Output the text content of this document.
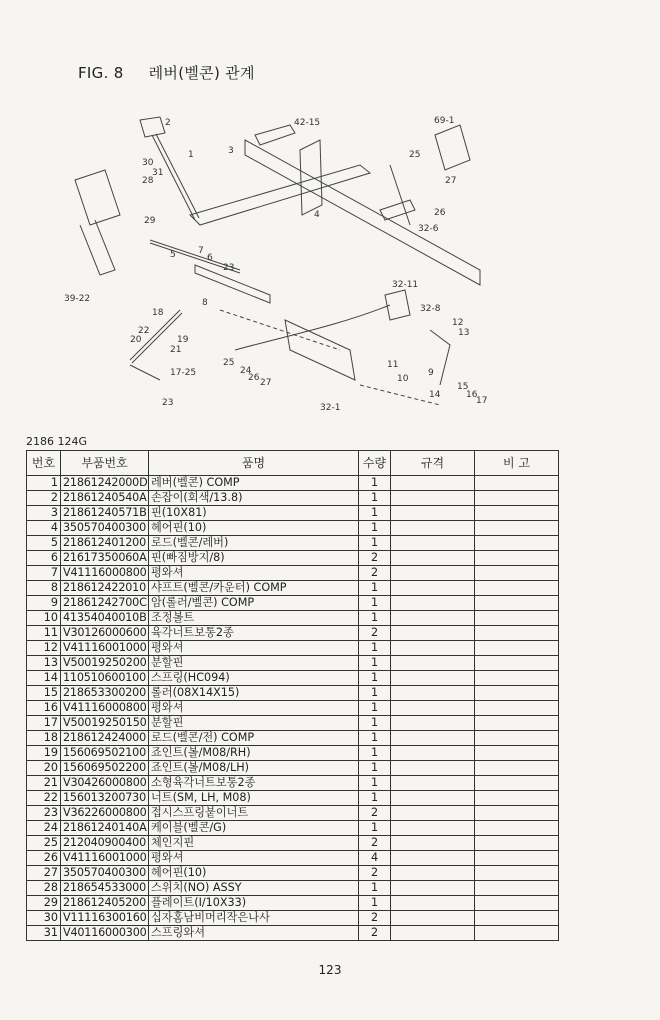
FIG. 8 레버(벨콘) 관계
2
1	3
42-15	69-1
30
31
28
29
25
27
26
4
5 7
6
23
8
32-6
32-11
32-8
39-22
18
22
20	19
21
17-25
23
24
26 27
25
32-1
12
13
11
9
10
14
15
16
17
2186 124G
번호	부품번호	품명	수량	규격	비 고
1	21861242000D	레버(벨콘) COMP	1		
2	21861240540A	손잡이(회색/13.8)	1		
3	21861240571B	핀(10X81)	1		
4	350570400300	헤어핀(10)	1		
5	218612401200	로드(벨콘/레버)	1		
6	21617350060A	핀(빠짐방지/8)	2		
7	V41116000800	평와셔	2		
8	218612422010	샤프트(벨콘/카운터) COMP	1		
9	21861242700C	암(롤러/벨콘) COMP	1		
10	41354040010B	조정볼트	1		
11	V30126000600	육각너트보통2종	2		
12	V41116001000	평와셔	1		
13	V50019250200	분할핀	1		
14	110510600100	스프링(HC094)	1		
15	218653300200	롤러(08X14X15)	1		
16	V41116000800	평와셔	1		
17	V50019250150	분할핀	1		
18	218612424000	로드(벨콘/전) COMP	1		
19	156069502100	죠인트(볼/M08/RH)	1		
20	156069502200	죠인트(볼/M08/LH)	1		
21	V30426000800	소형육각너트보통2종	1		
22	156013200730	너트(SM, LH, M08)	1		
23	V36226000800	접시스프링붙이너트	2		
24	21861240140A	케이블(벨콘/G)	1		
25	212040900400	체인지핀	2		
26	V41116001000	평와셔	4		
27	350570400300	헤어핀(10)	2		
28	218654533000	스위치(NO) ASSY	1		
29	218612405200	플레이트(I/10X33)	1		
30	V11116300160	십자홈남비머리작은나사	2		
31	V40116000300	스프링와셔	2		
123
